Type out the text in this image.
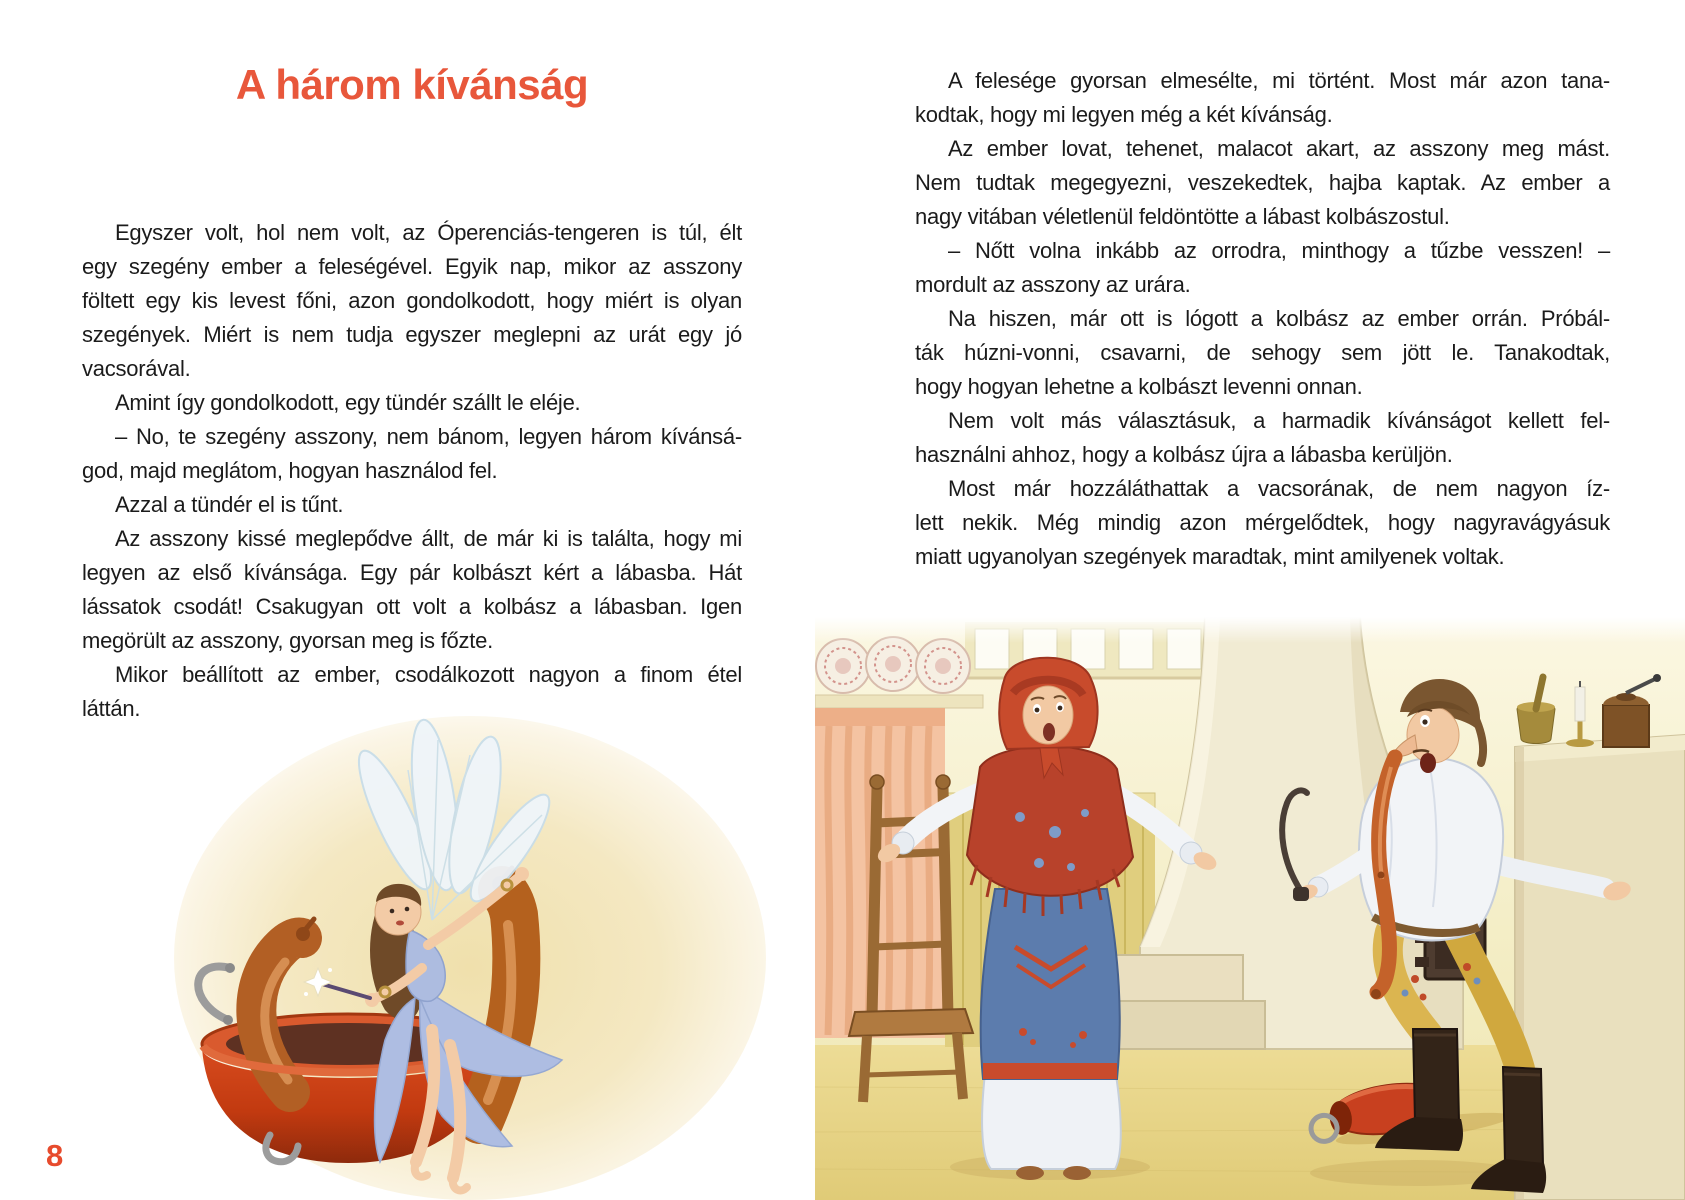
A három kívánság
Egyszer volt, hol nem volt, az Óperenciás-tengeren is túl, élt
egy szegény ember a feleségével. Egyik nap, mikor az asszony
föltett egy kis levest főni, azon gondolkodott, hogy miért is olyan
szegények. Miért is nem tudja egyszer meglepni az urát egy jó
vacsorával.
Amint így gondolkodott, egy tündér szállt le eléje.
– No, te szegény asszony, nem bánom, legyen három kívánsá-
god, majd meglátom, hogyan használod fel.
Azzal a tündér el is tűnt.
Az asszony kissé meglepődve állt, de már ki is találta, hogy mi
legyen az első kívánsága. Egy pár kolbászt kért a lábasba. Hát
lássatok csodát! Csakugyan ott volt a kolbász a lábasban. Igen
megörült az asszony, gyorsan meg is főzte.
Mikor beállított az ember, csodálkozott nagyon a finom étel
láttán.
A felesége gyorsan elmesélte, mi történt. Most már azon tana-
kodtak, hogy mi legyen még a két kívánság.
Az ember lovat, tehenet, malacot akart, az asszony meg mást.
Nem tudtak megegyezni, veszekedtek, hajba kaptak. Az ember a
nagy vitában véletlenül feldöntötte a lábast kolbászostul.
– Nőtt volna inkább az orrodra, minthogy a tűzbe vesszen! –
mordult az asszony az urára.
Na hiszen, már ott is lógott a kolbász az ember orrán. Próbál-
ták húzni-vonni, csavarni, de sehogy sem jött le. Tanakodtak,
hogy hogyan lehetne a kolbászt levenni onnan.
Nem volt más választásuk, a harmadik kívánságot kellett fel-
használni ahhoz, hogy a kolbász újra a lábasba kerüljön.
Most már hozzáláthattak a vacsorának, de nem nagyon íz-
lett nekik. Még mindig azon mérgelődtek, hogy nagyravágyásuk
miatt ugyanolyan szegények maradtak, mint amilyenek voltak.
8
